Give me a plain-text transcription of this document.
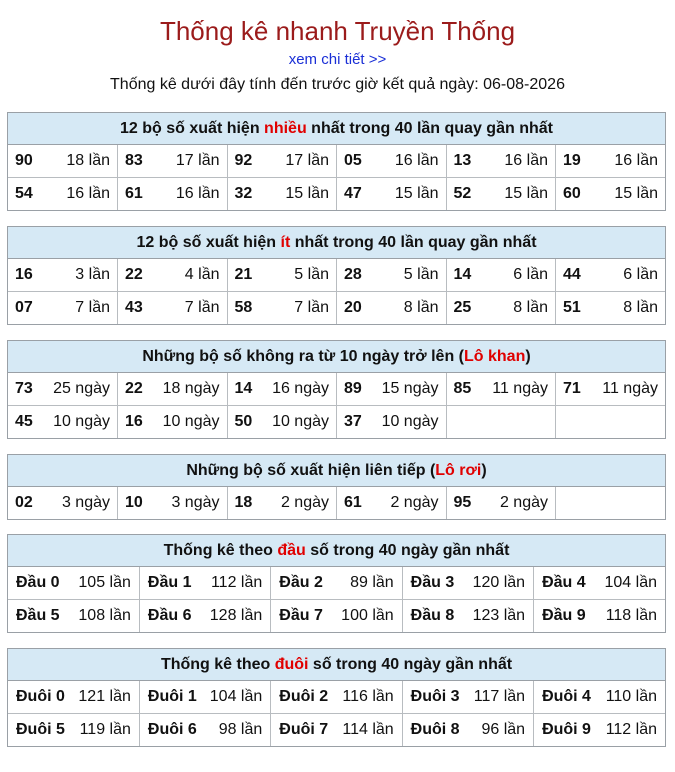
Thống kê nhanh Truyền Thống
xem chi tiết >>
Thống kê dưới đây tính đến trước giờ kết quả ngày: 06-08-2026
12 bộ số xuất hiện nhiều nhất trong 40 lần quay gần nhất
90 18 lần	83 17 lần	92 17 lần	05 16 lần	13 16 lần	19 16 lần

54 16 lần	61 16 lần	32 15 lần	47 15 lần	52 15 lần	60 15 lần
12 bộ số xuất hiện ít nhất trong 40 lần quay gần nhất
16 3 lần	22 4 lần	21 5 lần	28 5 lần	14 6 lần	44 6 lần

07 7 lần	43 7 lần	58 7 lần	20 8 lần	25 8 lần	51 8 lần
Những bộ số không ra từ 10 ngày trở lên (Lô khan)
73 25 ngày	22 18 ngày	14 16 ngày	89 15 ngày	85 11 ngày	71 11 ngày

45 10 ngày	16 10 ngày	50 10 ngày	37 10 ngày		

Những bộ số xuất hiện liên tiếp (Lô rơi)
02 3 ngày	10 3 ngày	18 2 ngày	61 2 ngày	95 2 ngày

Thống kê theo đầu số trong 40 ngày gần nhất
Đầu 0 105 lần	Đầu 1 112 lần	Đầu 2 89 lần	Đầu 3 120 lần	Đầu 4 104 lần

Đầu 5 108 lần	Đầu 6 128 lần	Đầu 7 100 lần	Đầu 8 123 lần	Đầu 9 118 lần
Thống kê theo đuôi số trong 40 ngày gần nhất
Đuôi 0 121 lần	Đuôi 1 104 lần	Đuôi 2 116 lần	Đuôi 3 117 lần	Đuôi 4 110 lần

Đuôi 5 119 lần	Đuôi 6 98 lần	Đuôi 7 114 lần	Đuôi 8 96 lần	Đuôi 9 112 lần
